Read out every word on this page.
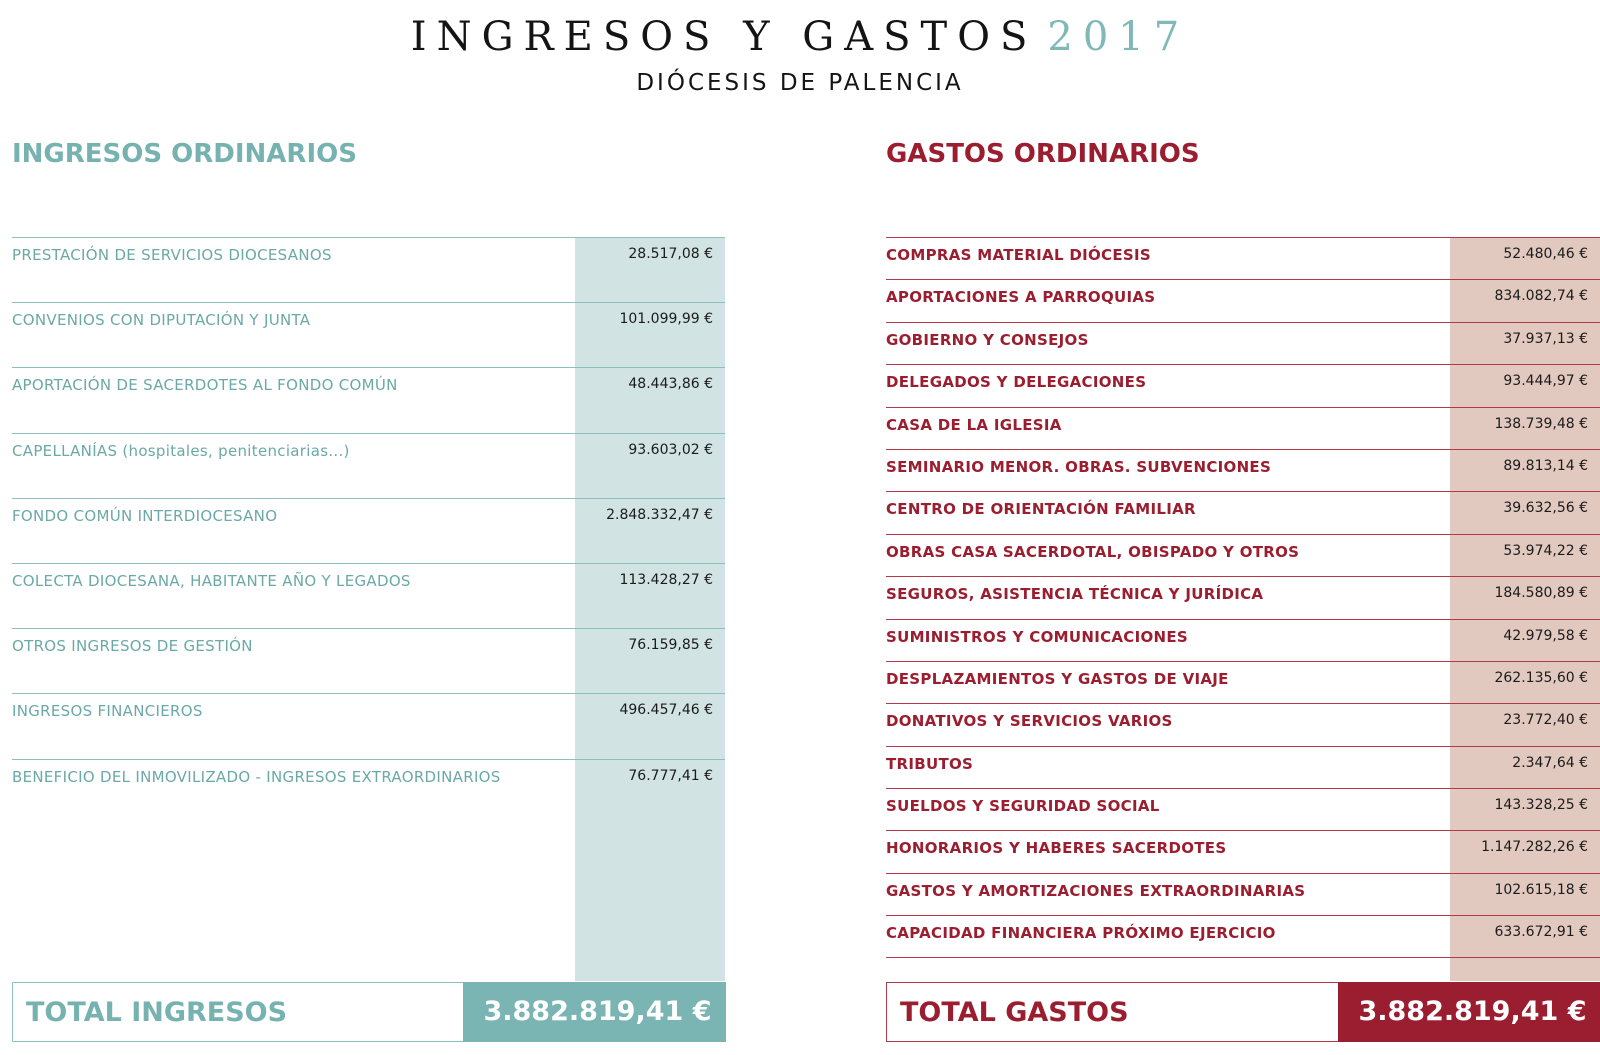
INGRESOS Y GASTOS 2017
DIÓCESIS DE PALENCIA
INGRESOS ORDINARIOS	GASTOS ORDINARIOS
PRESTACIÓN DE SERVICIOS DIOCESANOS	28.517,08 €
CONVENIOS CON DIPUTACIÓN Y JUNTA	101.099,99 €
APORTACIÓN DE SACERDOTES AL FONDO COMÚN	48.443,86 €
CAPELLANÍAS (hospitales, penitenciarias...)	93.603,02 €
FONDO COMÚN INTERDIOCESANO	2.848.332,47 €
COLECTA DIOCESANA, HABITANTE AÑO Y LEGADOS	113.428,27 €
OTROS INGRESOS DE GESTIÓN	76.159,85 €
INGRESOS FINANCIEROS	496.457,46 €
BENEFICIO DEL INMOVILIZADO - INGRESOS EXTRAORDINARIOS	76.777,41 €
COMPRAS MATERIAL DIÓCESIS	52.480,46 €
APORTACIONES A PARROQUIAS	834.082,74 €
GOBIERNO Y CONSEJOS	37.937,13 €
DELEGADOS Y DELEGACIONES	93.444,97 €
CASA DE LA IGLESIA	138.739,48 €
SEMINARIO MENOR. OBRAS. SUBVENCIONES	89.813,14 €
CENTRO DE ORIENTACIÓN FAMILIAR	39.632,56 €
OBRAS CASA SACERDOTAL, OBISPADO Y OTROS	53.974,22 €
SEGUROS, ASISTENCIA TÉCNICA Y JURÍDICA	184.580,89 €
SUMINISTROS Y COMUNICACIONES	42.979,58 €
DESPLAZAMIENTOS Y GASTOS DE VIAJE	262.135,60 €
DONATIVOS Y SERVICIOS VARIOS	23.772,40 €
TRIBUTOS	2.347,64 €
SUELDOS Y SEGURIDAD SOCIAL	143.328,25 €
HONORARIOS Y HABERES SACERDOTES	1.147.282,26 €
GASTOS Y AMORTIZACIONES EXTRAORDINARIAS	102.615,18 €
CAPACIDAD FINANCIERA PRÓXIMO EJERCICIO	633.672,91 €
TOTAL INGRESOS	3.882.819,41 €	TOTAL GASTOS	3.882.819,41 €
